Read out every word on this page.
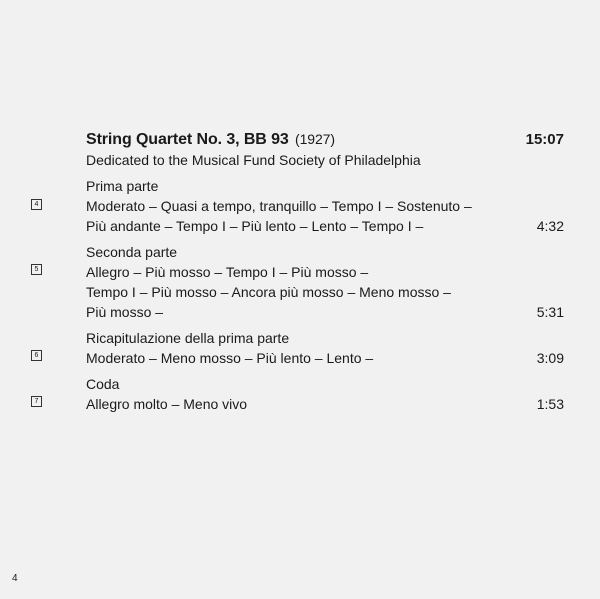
String Quartet No. 3, BB 93 (1927)	15:07
Dedicated to the Musical Fund Society of Philadelphia
Prima parte
4	Moderato – Quasi a tempo, tranquillo – Tempo I – Sostenuto –
Più andante – Tempo I – Più lento – Lento – Tempo I –	4:32
Seconda parte
5	Allegro – Più mosso – Tempo I – Più mosso –
Tempo I – Più mosso – Ancora più mosso – Meno mosso –
Più mosso –	5:31
Ricapitulazione della prima parte
6	Moderato – Meno mosso – Più lento – Lento –	3:09
Coda
7	Allegro molto – Meno vivo	1:53
4
